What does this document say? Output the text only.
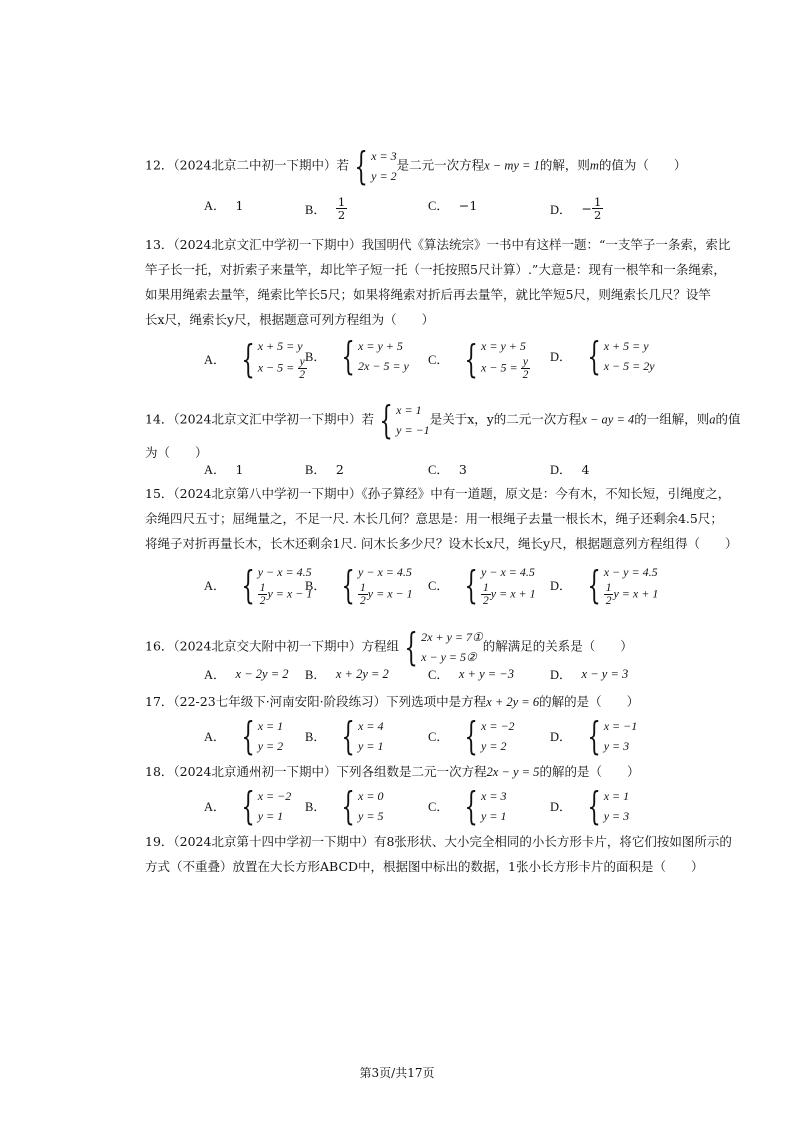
12．（2024北京二中初一下期中）若 { x = 3
y = 2
是二元一次方程x − my = 1的解，则m的值为（　　）
A． 1	B． $\frac{1}{2}$	C． −1	D． − $\frac{1}{2}$
13．（2024北京文汇中学初一下期中）我国明代《算法统宗》一书中有这样一题：“一支竿子一条索，索比
竿子长一托，对折索子来量竿，却比竿子短一托（一托按照5尺计算）.”大意是：现有一根竿和一条绳索，
如果用绳索去量竿，绳索比竿长5尺；如果将绳索对折后再去量竿，就比竿短5尺，则绳索长几尺？设竿
长x尺，绳索长y尺，根据题意可列方程组为（　　）
A． { x + 5 = y
$x - 5 = \frac{y}{2}$
B． { x = y + 5
2x − 5 = y C． { x = y + 5
$x - 5 = \frac{y}{2}$ D． { x + 5 = y
x − 5 = 2y
14．（2024北京文汇中学初一下期中）若 { x = 1
y = −1
是关于x，y的二元一次方程x − ay = 4的一组解，则a的值
为（　　）
A． 1	B． 2	C． 3	D． 4
15．（2024北京第八中学初一下期中）《孙子算经》中有一道题，原文是：今有木，不知长短，引绳度之，
余绳四尺五寸；屈绳量之，不足一尺. 木长几何？意思是：用一根绳子去量一根长木，绳子还剩余4.5尺；
将绳子对折再量长木，长木还剩余1尺. 问木长多少尺？设木长x尺，绳长y尺，根据题意列方程组得（　　）
A． { y − x = 4.5
$\frac{1}{2}$ y = x − 1
B． { y − x = 4.5
$\frac{1}{2}$ y = x − 1
C． { y − x = 4.5
$\frac{1}{2}$ y = x + 1
D． { x − y = 4.5
$\frac{1}{2}$ y = x + 1
16．（2024北京交大附中初一下期中）方程组 { 2x + y = 7①
x − y = 5②
的解满足的关系是（　　）
A． x − 2y = 2 B． x + 2y = 2	C． x + y = −3	D． x − y = 3
17．（22-23七年级下·河南安阳·阶段练习）下列选项中是方程x + 2y = 6的解的是（　　）
A． { x = 1
y = 2
B． { x = 4
y = 1
C． { x = −2
y = 2
D． { x = −1
y = 3
18．（2024北京通州初一下期中）下列各组数是二元一次方程2x − y = 5的解的是（　　）
A． { x = −2
y = 1
B． { x = 0
y = 5
C． { x = 3
y = 1
D． { x = 1
y = 3
19．（2024北京第十四中学初一下期中）有8张形状、大小完全相同的小长方形卡片，将它们按如图所示的
方式（不重叠）放置在大长方形ABCD中，根据图中标出的数据，1张小长方形卡片的面积是（　　）
第3页/共17页
